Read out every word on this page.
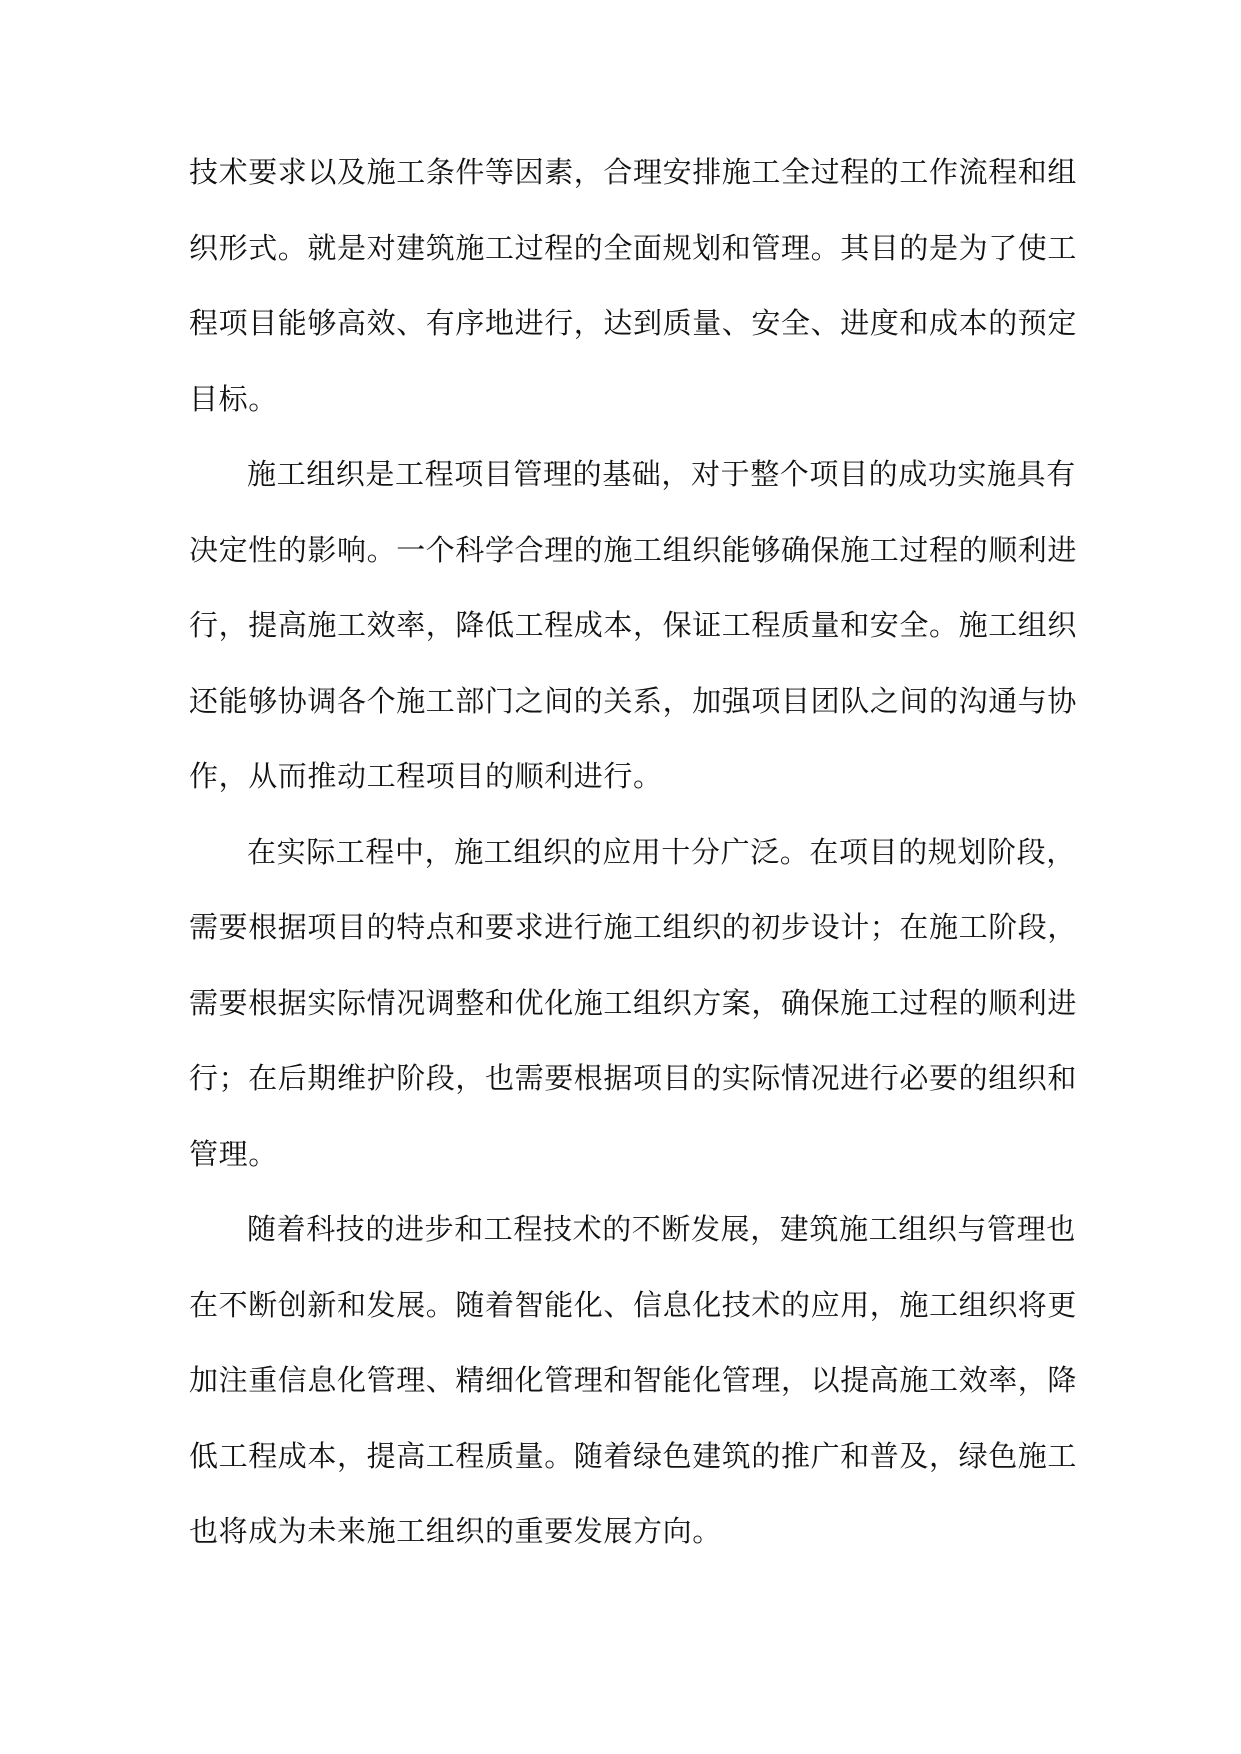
技术要求以及施工条件等因素，合理安排施工全过程的工作流程和组
织形式。就是对建筑施工过程的全面规划和管理。其目的是为了使工
程项目能够高效、有序地进行，达到质量、安全、进度和成本的预定
目标。
施工组织是工程项目管理的基础，对于整个项目的成功实施具有
决定性的影响。一个科学合理的施工组织能够确保施工过程的顺利进
行，提高施工效率，降低工程成本，保证工程质量和安全。施工组织
还能够协调各个施工部门之间的关系，加强项目团队之间的沟通与协
作，从而推动工程项目的顺利进行。
在实际工程中，施工组织的应用十分广泛。在项目的规划阶段，
需要根据项目的特点和要求进行施工组织的初步设计；在施工阶段，
需要根据实际情况调整和优化施工组织方案，确保施工过程的顺利进
行；在后期维护阶段，也需要根据项目的实际情况进行必要的组织和
管理。
随着科技的进步和工程技术的不断发展，建筑施工组织与管理也
在不断创新和发展。随着智能化、信息化技术的应用，施工组织将更
加注重信息化管理、精细化管理和智能化管理，以提高施工效率，降
低工程成本，提高工程质量。随着绿色建筑的推广和普及，绿色施工
也将成为未来施工组织的重要发展方向。
